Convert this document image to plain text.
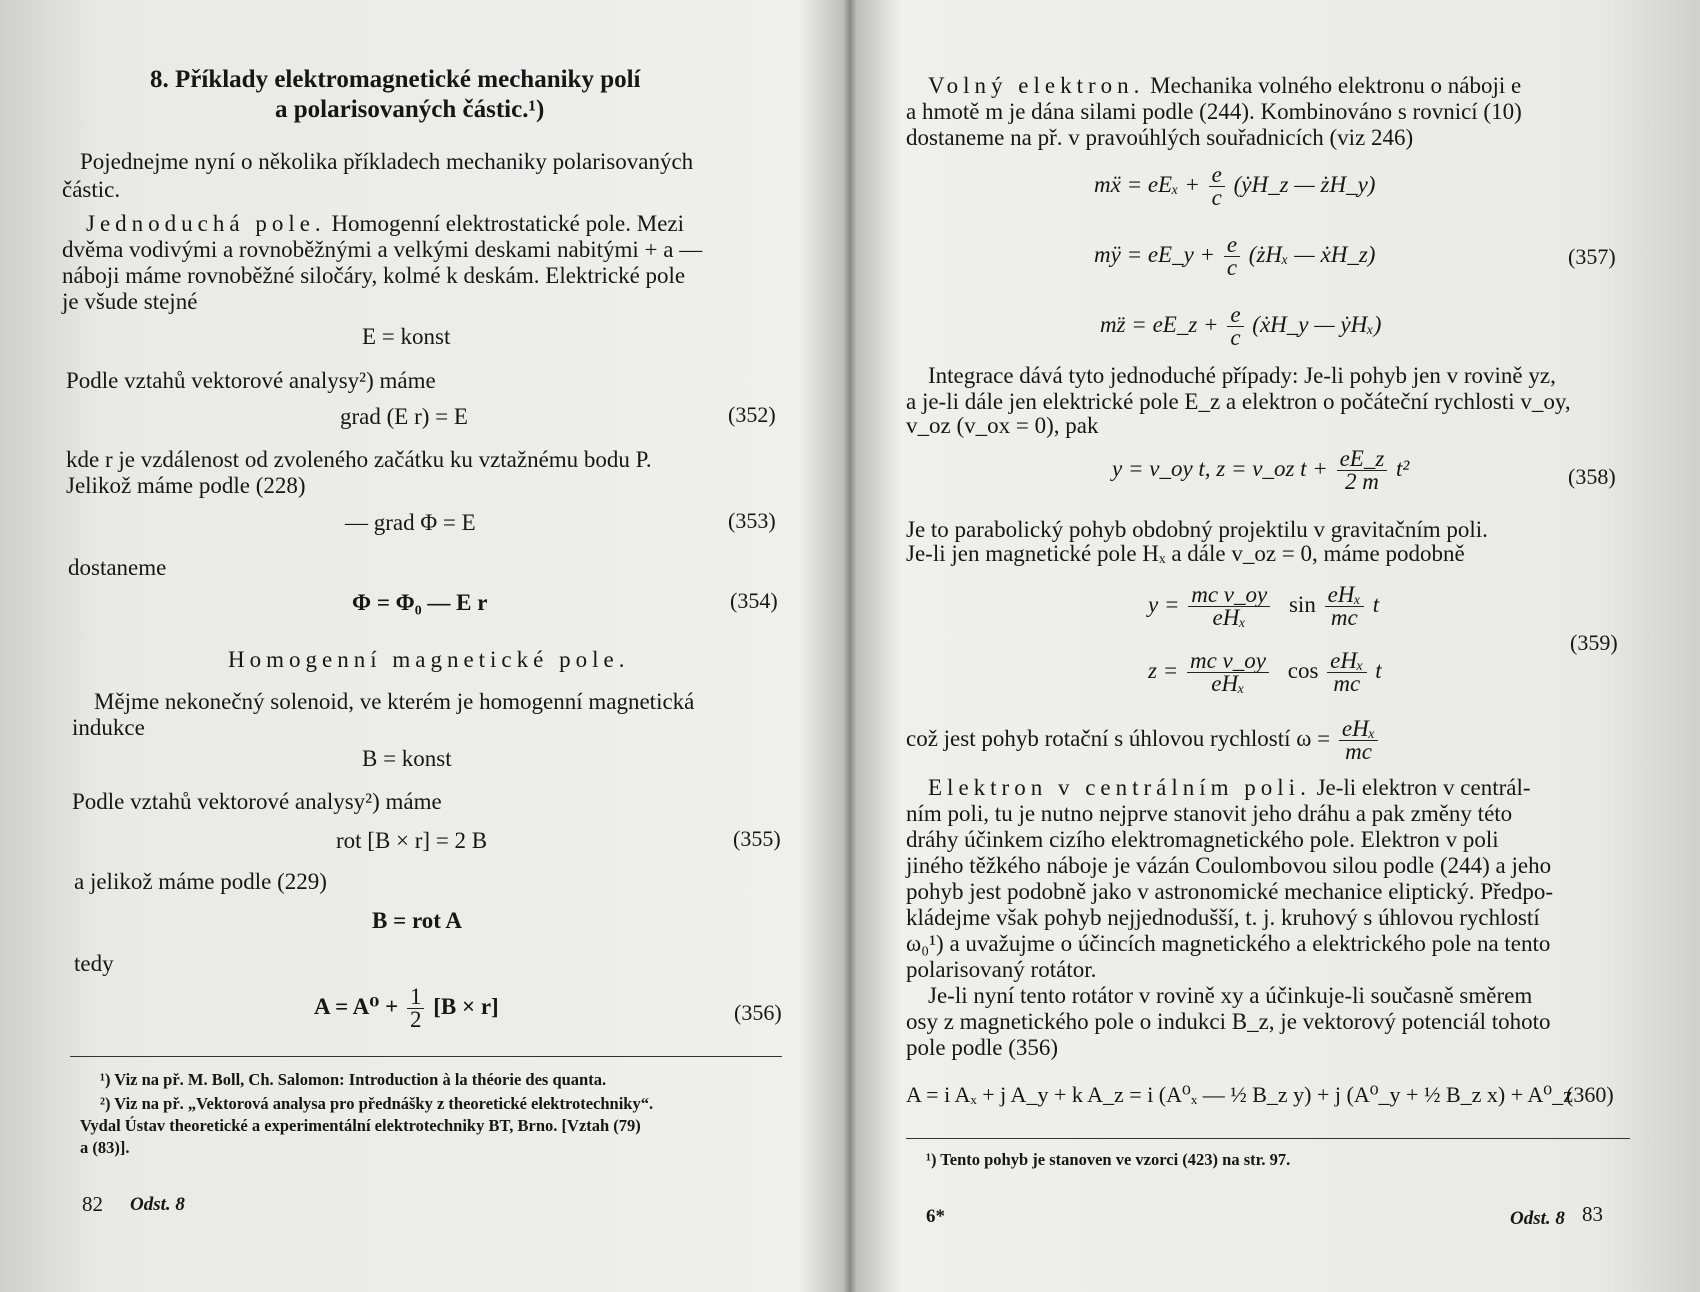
8. Příklady elektromagnetické mechaniky polí
a polarisovaných částic.¹)
Pojednejme nyní o několika příkladech mechaniky polarisovaných
částic.
Jednoduchá pole. Homogenní elektrostatické pole. Mezi
dvěma vodivými a rovnoběžnými a velkými deskami nabitými + a —
náboji máme rovnoběžné siločáry, kolmé k deskám. Elektrické pole
je všude stejné
E = konst
Podle vztahů vektorové analysy²) máme
grad (E r) = E	(352)
kde r je vzdálenost od zvoleného začátku ku vztažnému bodu P.
Jelikož máme podle (228)
— grad Φ = E	(353)
dostaneme
Φ = Φ₀ — E r	(354)
Homogenní magnetické pole.
Mějme nekonečný solenoid, ve kterém je homogenní magnetická
indukce
B = konst
Podle vztahů vektorové analysy²) máme
rot [B × r] = 2 B	(355)
a jelikož máme podle (229)
B = rot A
tedy
$A = A^0 + \frac{1}{2} [B \times r]$	(356)
¹) Viz na př. M. Boll, Ch. Salomon: Introduction à la théorie des quanta.
²) Viz na př. „Vektorová analysa pro přednášky z theoretické elektrotechniky“.
Vydal Ústav theoretické a experimentální elektrotechniky BT, Brno. [Vztah (79)
a (83)].
82 Odst. 8
Volný elektron. Mechanika volného elektronu o náboji e
a hmotě m je dána silami podle (244). Kombinováno s rovnicí (10)
dostaneme na př. v pravoúhlých souřadnicích (viz 246)
mẍ = $eE_x + \frac{e}{c}$ (ẏH_z — żH_y)
mÿ = eE_y + $\frac{e}{c}$ (żHₓ — ẋH_z)	(357)
mz̈ = eE_z + $\frac{e}{c}$ (ẋH_y — ẏHₓ)
Integrace dává tyto jednoduché případy: Je-li pohyb jen v rovině yz,
a je-li dále jen elektrické pole E_z a elektron o počáteční rychlosti v_oy,
v_oz (v_ox = 0), pak
y = v_oy t, z = v_oz $t + \frac{eE\_z}{2 m} t^2$	(358)
Je to parabolický pohyb obdobný projektilu v gravitačním poli.
Je-li jen magnetické pole Hₓ a dále v_oz = 0, máme podobně
$y = \frac{\text{mc v\_oy}}{\text{eHₓ}}$ $\sin \frac{\text{eHₓ}}{mc}$ t
(359)
$z = \frac{\text{mc v\_oy}}{\text{eHₓ}}$ $\cos \frac{\text{eHₓ}}{mc}$ t
což jest pohyb rotační s úhlovou rychlostí $\omega = \frac{\text{eHₓ}}{mc}$
Elektron v centrálním poli. Je-li elektron v centrál-
ním poli, tu je nutno nejprve stanovit jeho dráhu a pak změny této
dráhy účinkem cizího elektromagnetického pole. Elektron v poli
jiného těžkého náboje je vázán Coulombovou silou podle (244) a jeho
pohyb jest podobně jako v astronomické mechanice eliptický. Předpo-
kládejme však pohyb nejjednodušší, t. j. kruhový s úhlovou rychlostí
ω₀¹) a uvažujme o účincích magnetického a elektrického pole na tento
polarisovaný rotátor.
Je-li nyní tento rotátor v rovině xy a účinkuje-li současně směrem
osy z magnetického pole o indukci B_z, je vektorový potenciál tohoto
pole podle (356)
A = i Aₓ + j A_y + k A_z = i (A⁰ₓ — ½ B_z y) + j (A⁰_y + ½ B_z x) + A⁰_z
(360)
¹) Tento pohyb je stanoven ve vzorci (423) na str. 97.
6*	Odst. 8 83
